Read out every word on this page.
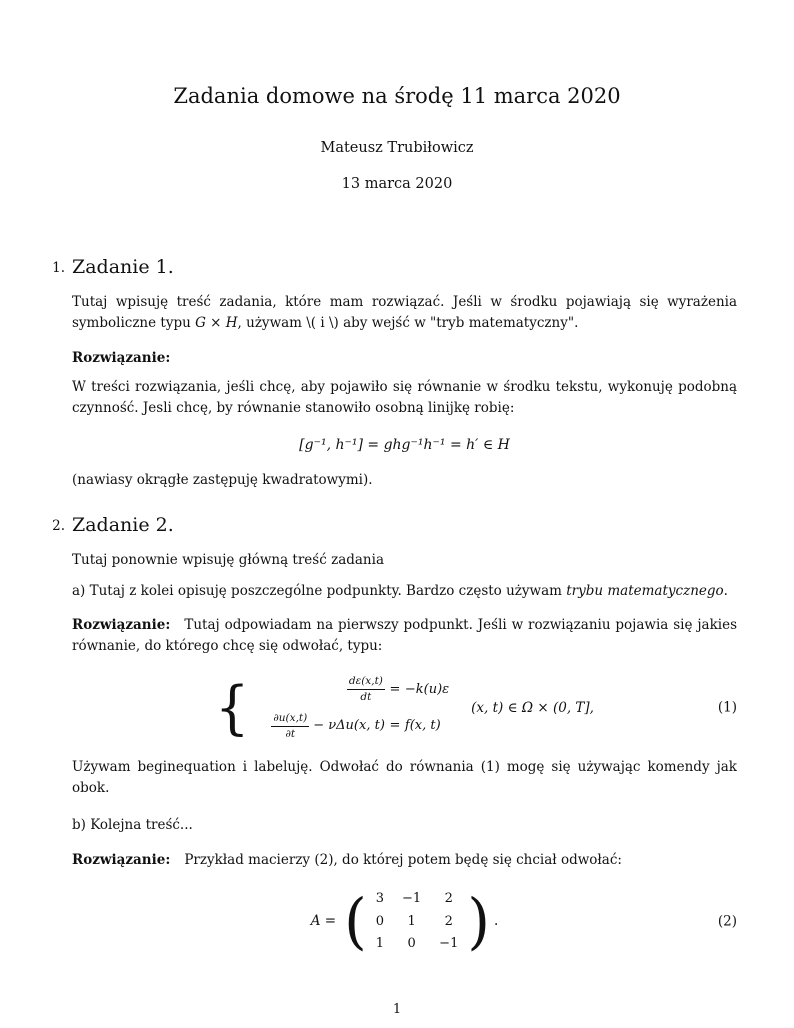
Zadania domowe na środę 11 marca 2020
Mateusz Trubiłowicz
13 marca 2020
1. Zadanie 1.

Tutaj wpisuję treść zadania, które mam rozwiązać. Jeśli w środku pojawiają się wyrażenia symboliczne typu G × H, używam \( i \) aby wejść w "tryb matematyczny".

Rozwiązanie:

W treści rozwiązania, jeśli chcę, aby pojawiło się równanie w środku tekstu, wykonuję podobną czynność. Jesli chcę, by równanie stanowiło osobną linijkę robię:

[g⁻¹, h⁻¹] = ghg⁻¹h⁻¹ = h′ ∈ H

(nawiasy okrągłe zastępuję kwadratowymi).

2. Zadanie 2.

Tutaj ponownie wpisuję główną treść zadania

a) Tutaj z kolei opisuję poszczególne podpunkty. Bardzo często używam trybu matematycznego.

Rozwiązanie: Tutaj odpowiadam na pierwszy podpunkt. Jeśli w rozwiązaniu pojawia się jakies równanie, do którego chcę się odwołać, typu:

{	$\frac{d\varepsilon(x,t)}{dt} = -k(u)\varepsilon$
$\frac{\partial u(x,t)}{\partial t} - \nu\Delta u(x$, t) = f(x, t)
(x, t) ∈ Ω × (0, T],	(1)

Używam beginequation i labeluję. Odwołać do równania (1) mogę się używając komendy jak obok.

b) Kolejna treść...

Rozwiązanie: Przykład macierzy (2), do której potem będę się chciał odwołać:

A = ( 3	−1	2
0	1	2
1	0	−1 ) .	(2)
1
